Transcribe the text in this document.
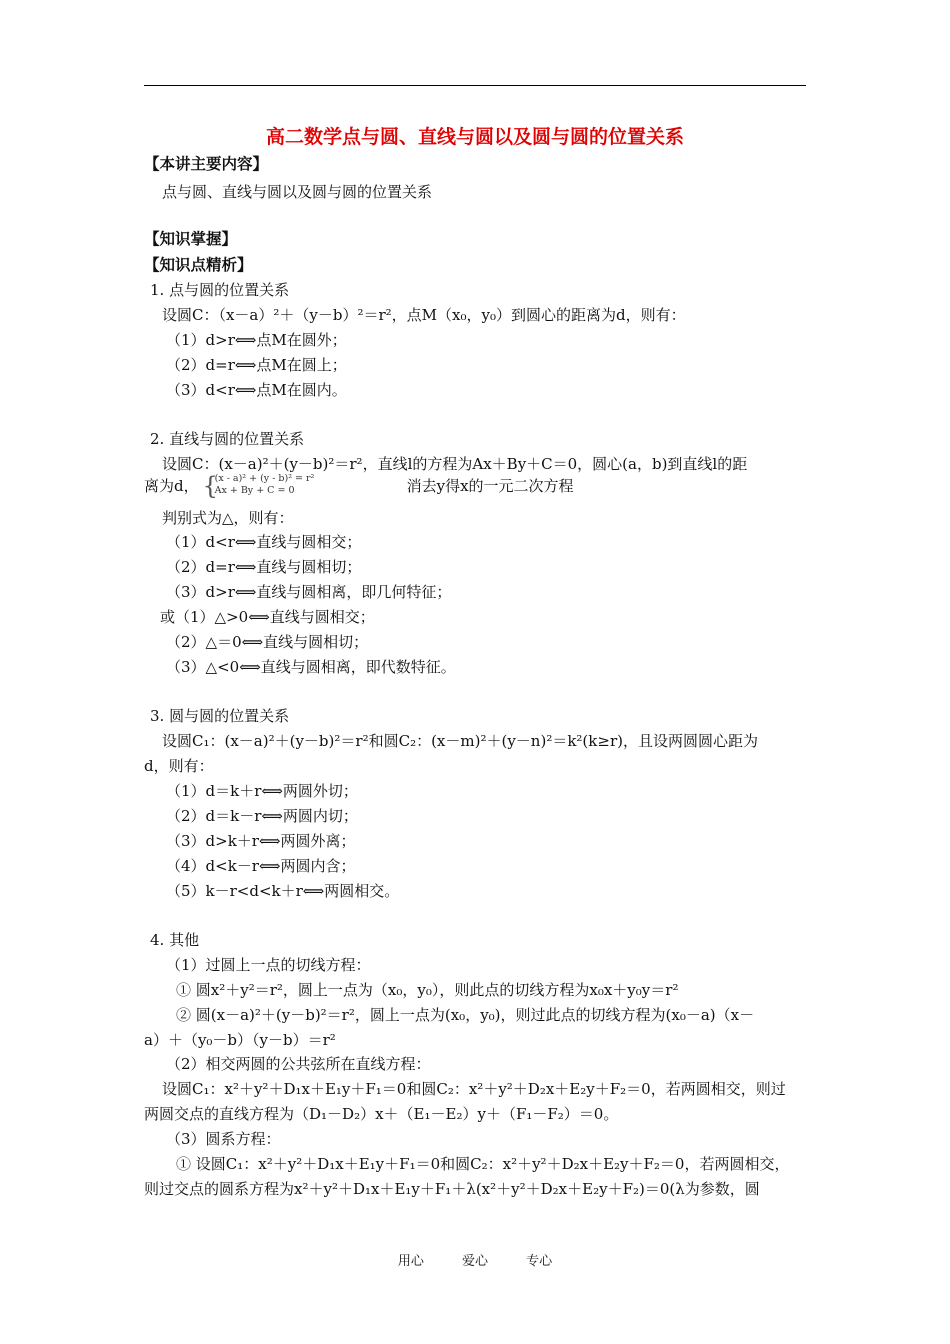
高二数学点与圆、直线与圆以及圆与圆的位置关系
【本讲主要内容】
点与圆、直线与圆以及圆与圆的位置关系
【知识掌握】
【知识点精析】
1. 点与圆的位置关系
设圆C：（x－a）²＋（y－b）²＝r²，点M（x₀，y₀）到圆心的距离为d，则有：
（1）d>r⟺点M在圆外；
（2）d=r⟺点M在圆上；
（3）d<r⟺点M在圆内。
2. 直线与圆的位置关系
设圆C：(x－a)²＋(y－b)²＝r²，直线l的方程为Ax＋By＋C＝0，圆心(a，b)到直线l的距
离为d， {
(x - a)² + (y - b)² = r²
Ax + By + C = 0	消去y得x的一元二次方程
判别式为△，则有：
（1）d<r⟺直线与圆相交；
（2）d=r⟺直线与圆相切；
（3）d>r⟺直线与圆相离，即几何特征；
或（1）△>0⟺直线与圆相交；
（2）△＝0⟺直线与圆相切；
（3）△<0⟺直线与圆相离，即代数特征。
3. 圆与圆的位置关系
设圆C₁：(x－a)²＋(y－b)²＝r²和圆C₂：(x－m)²＋(y－n)²＝k²(k≥r)，且设两圆圆心距为
d，则有：
（1）d＝k＋r⟺两圆外切；
（2）d＝k－r⟺两圆内切；
（3）d>k＋r⟺两圆外离；
（4）d<k－r⟺两圆内含；
（5）k－r<d<k＋r⟺两圆相交。
4. 其他
（1）过圆上一点的切线方程：
① 圆x²＋y²＝r²，圆上一点为（x₀，y₀），则此点的切线方程为x₀x＋y₀y＝r²
② 圆(x－a)²＋(y－b)²＝r²，圆上一点为(x₀，y₀)，则过此点的切线方程为(x₀－a)（x－
a）＋（y₀－b）（y－b）＝r²
（2）相交两圆的公共弦所在直线方程：
设圆C₁：x²＋y²＋D₁x＋E₁y＋F₁＝0和圆C₂：x²＋y²＋D₂x＋E₂y＋F₂＝0，若两圆相交，则过
两圆交点的直线方程为（D₁－D₂）x＋（E₁－E₂）y＋（F₁－F₂）＝0。
（3）圆系方程：
① 设圆C₁：x²＋y²＋D₁x＋E₁y＋F₁＝0和圆C₂：x²＋y²＋D₂x＋E₂y＋F₂＝0，若两圆相交，
则过交点的圆系方程为x²＋y²＋D₁x＋E₁y＋F₁＋λ(x²＋y²＋D₂x＋E₂y＋F₂)＝0(λ为参数，圆
用心	爱心	专心
